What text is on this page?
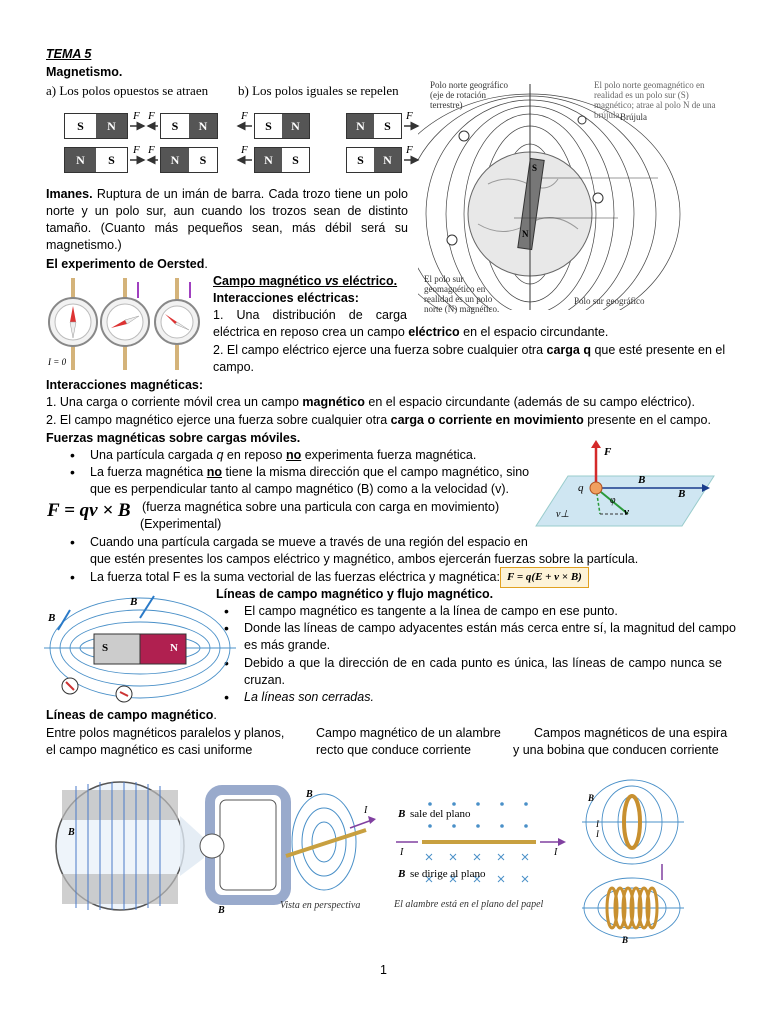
TEMA 5
Magnetismo.
a) Los polos opuestos se atraen b) Los polos iguales se repelen
S	N	S	N
N	S	N	S
S	N	N	S
N	S	S	N
F F
F F
F	F
F	F
S
N
Polo norte geográfico (eje de rotación terrestre)
El polo norte geomagnético en realidad es un polo sur (S) magnético; atrae al polo N de una brújula.
Brújula
El polo sur geomagnético en realidad es un polo norte (N) magnético.
Polo sur geográfico
Imanes. Ruptura de un imán de barra. Cada trozo tiene un polo norte y un polo sur, aun cuando los trozos sean de distinto tamaño. (Cuanto más pequeños sean, más débil será su magnetismo.)
El experimento de Oersted.
I = 0
Campo magnético vs eléctrico.
Interacciones eléctricas:
1. Una distribución de carga
eléctrica en reposo crea un campo eléctrico en el espacio circundante.
2. El campo eléctrico ejerce una fuerza sobre cualquier otra carga q que esté presente en el
campo.
Interacciones magnéticas:
1. Una carga o corriente móvil crea un campo magnético en el espacio circundante (además de su campo eléctrico).
2. El campo magnético ejerce una fuerza sobre cualquier otra carga o corriente en movimiento presente en el campo.
Fuerzas magnéticas sobre cargas móviles.
• Una partícula cargada q en reposo no experimenta fuerza magnética.
• La fuerza magnética no tiene la misma dirección que el campo magnético, sino
que es perpendicular tanto al campo magnético (B) como a la velocidad (v).
F = qv × B (fuerza magnética sobre una particula con carga en movimiento)
(Experimental)
• Cuando una partícula cargada se mueve a través de una región del espacio en
que estén presentes los campos eléctrico y magnético, ambos ejercerán fuerzas sobre la partícula.
• La fuerza total F es la suma vectorial de las fuerzas eléctrica y magnética: F = q(E + v × B)
F
B
B
q
φ
v⊥	v
Líneas de campo magnético y flujo magnético.
• El campo magnético es tangente a la línea de campo en ese punto.
• Donde las líneas de campo adyacentes están más cerca entre sí, la magnitud del campo
es más grande.
• Debido a que la dirección de en cada punto es única, las líneas de campo nunca se
cruzan.
• La líneas son cerradas.
B
B
S	N
Líneas de campo magnético.
Entre polos magnéticos paralelos y planos,
el campo magnético es casi uniforme
Campo magnético de un alambre
recto que conduce corriente
Campos magnéticos de una espira
y una bobina que conducen corriente
B
B
B
I
Vista en perspectiva
B sale del plano
I	I
B se dirige al plano
El alambre está en el plano del papel
B
I
I
B
1
